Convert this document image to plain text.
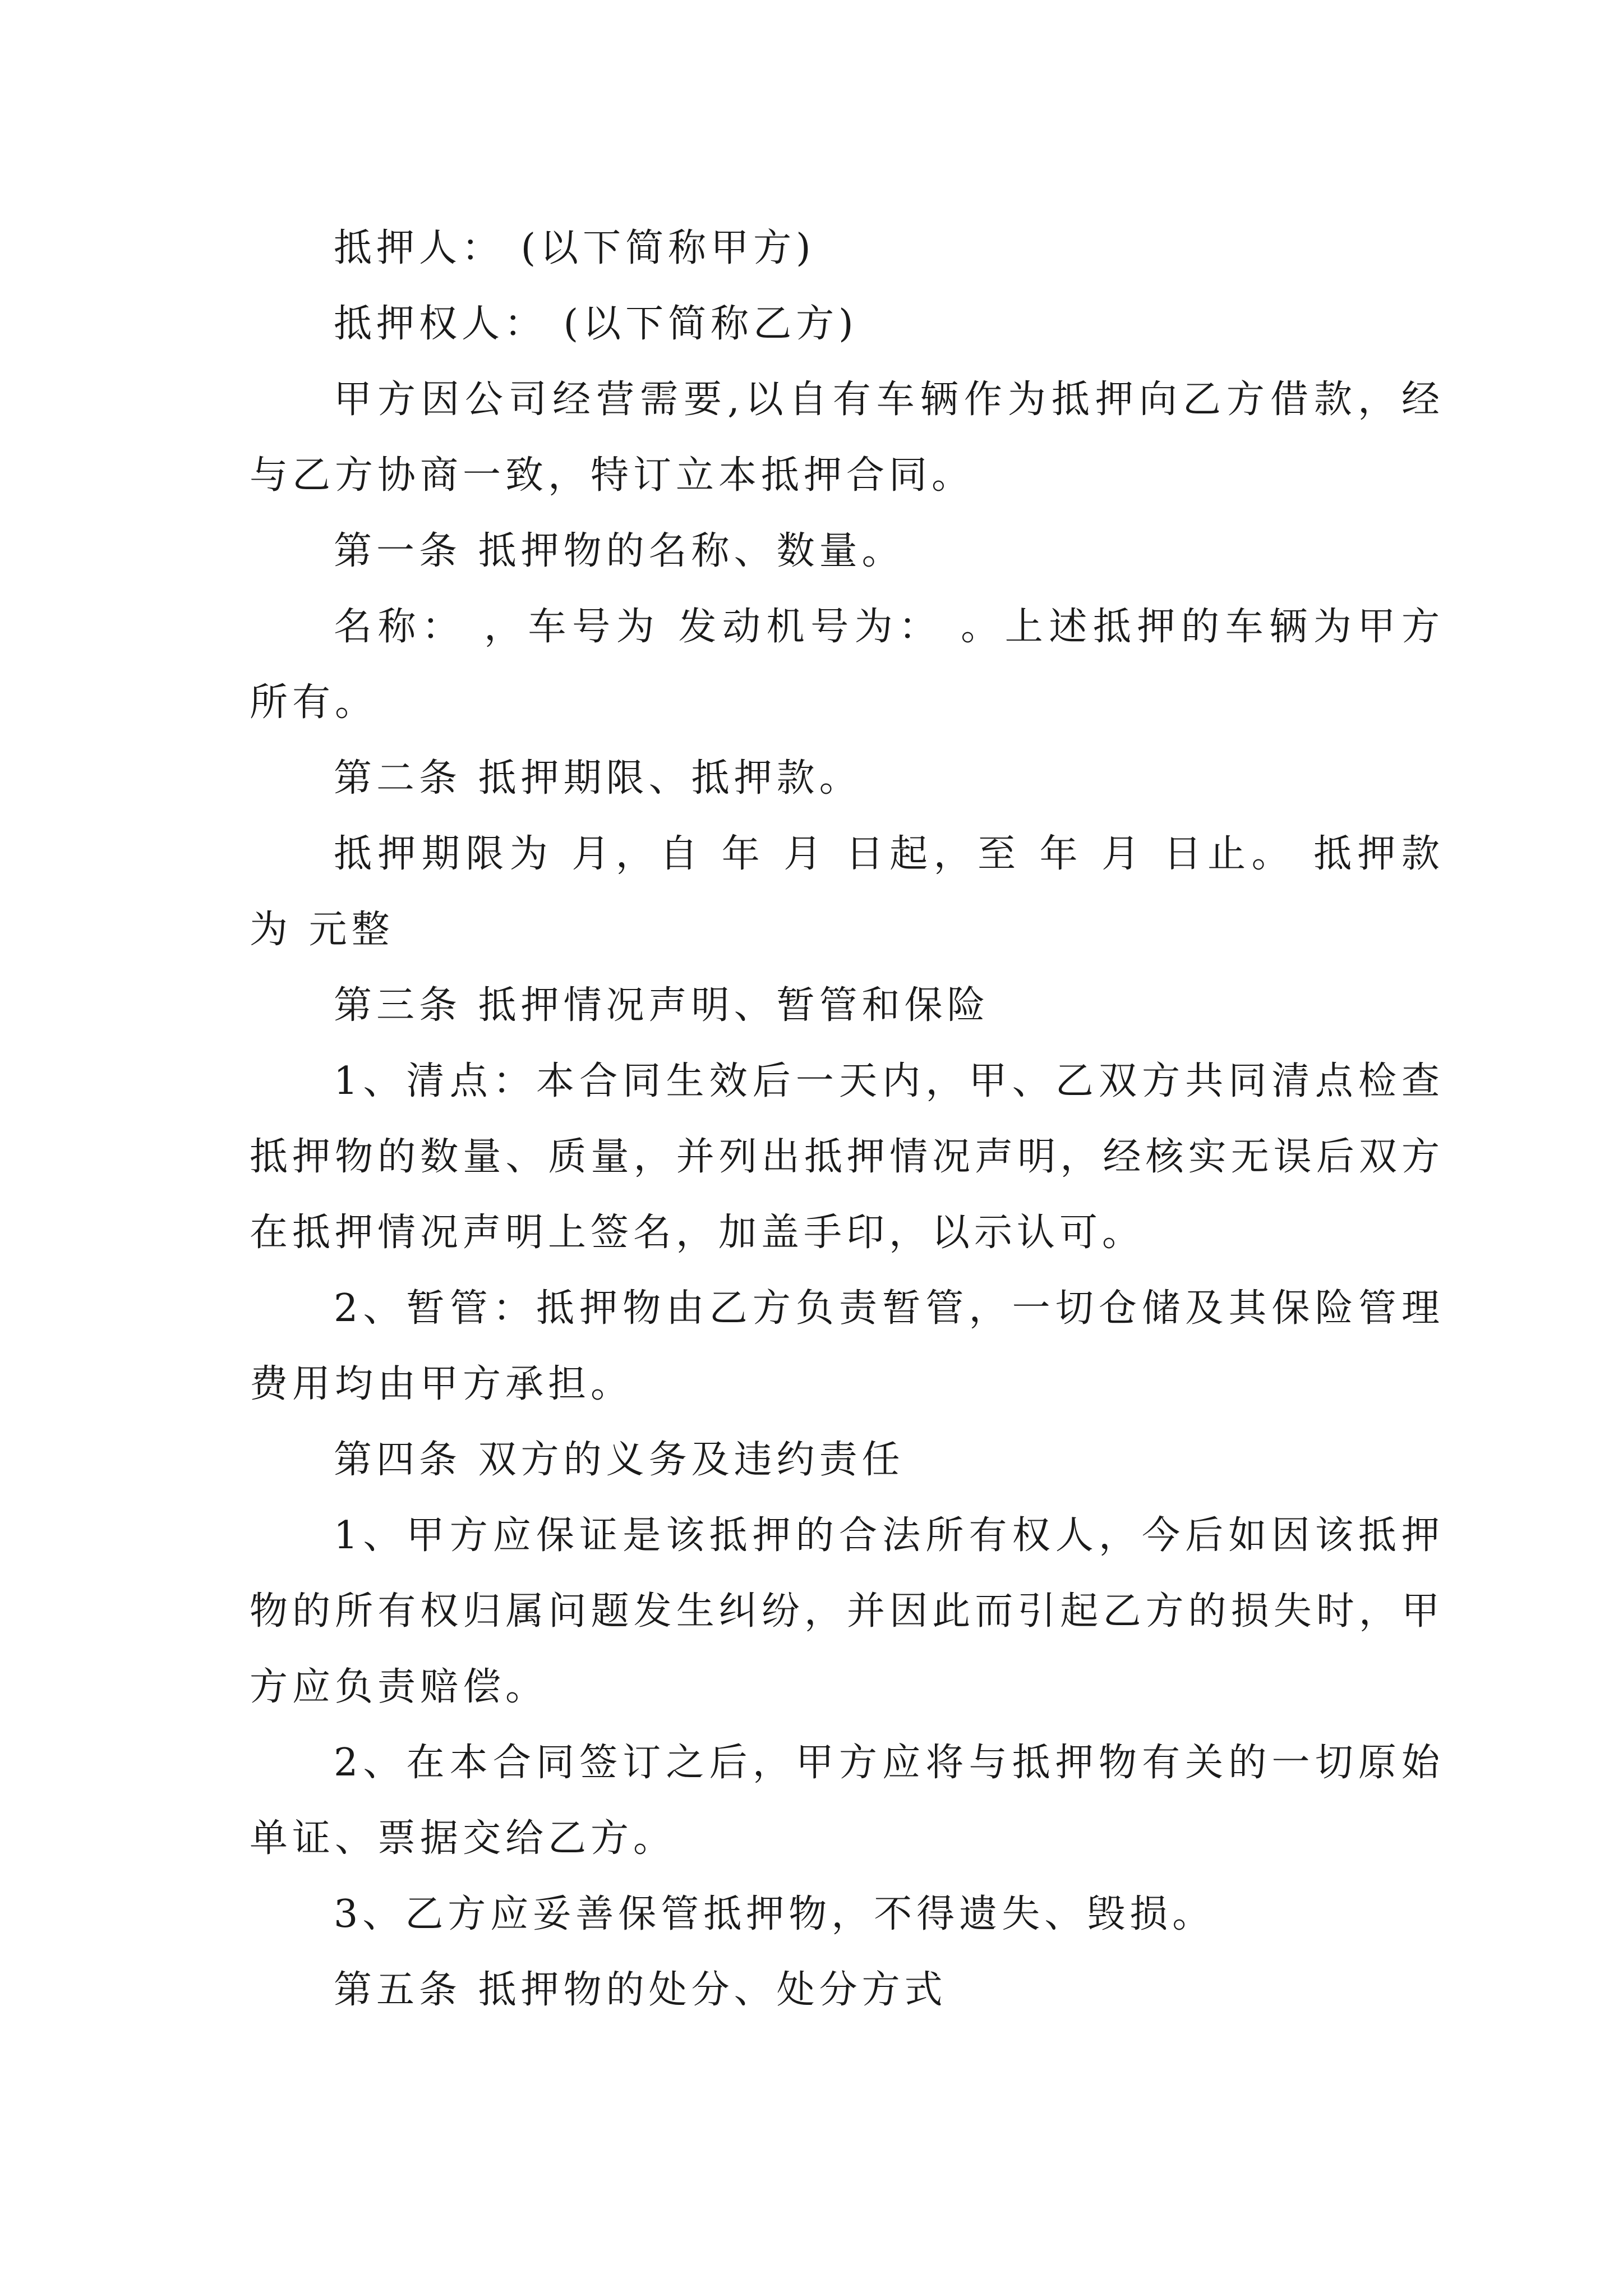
抵押人： (以下简称甲方)

抵押权人： (以下简称乙方)

甲方因公司经营需要,以自有车辆作为抵押向乙方借款，经与乙方协商一致，特订立本抵押合同。

第一条 抵押物的名称、数量。

名称： ，车号为 发动机号为： 。上述抵押的车辆为甲方所有。

第二条 抵押期限、抵押款。

抵押期限为 月，自 年 月 日起，至 年 月 日止。 抵押款为 元整

第三条 抵押情况声明、暂管和保险

1、清点：本合同生效后一天内，甲、乙双方共同清点检查抵押物的数量、质量，并列出抵押情况声明，经核实无误后双方在抵押情况声明上签名，加盖手印，以示认可。

2、暂管：抵押物由乙方负责暂管，一切仓储及其保险管理费用均由甲方承担。

第四条 双方的义务及违约责任

1、甲方应保证是该抵押的合法所有权人，今后如因该抵押物的所有权归属问题发生纠纷，并因此而引起乙方的损失时，甲方应负责赔偿。

2、在本合同签订之后，甲方应将与抵押物有关的一切原始单证、票据交给乙方。

3、乙方应妥善保管抵押物，不得遗失、毁损。

第五条 抵押物的处分、处分方式
